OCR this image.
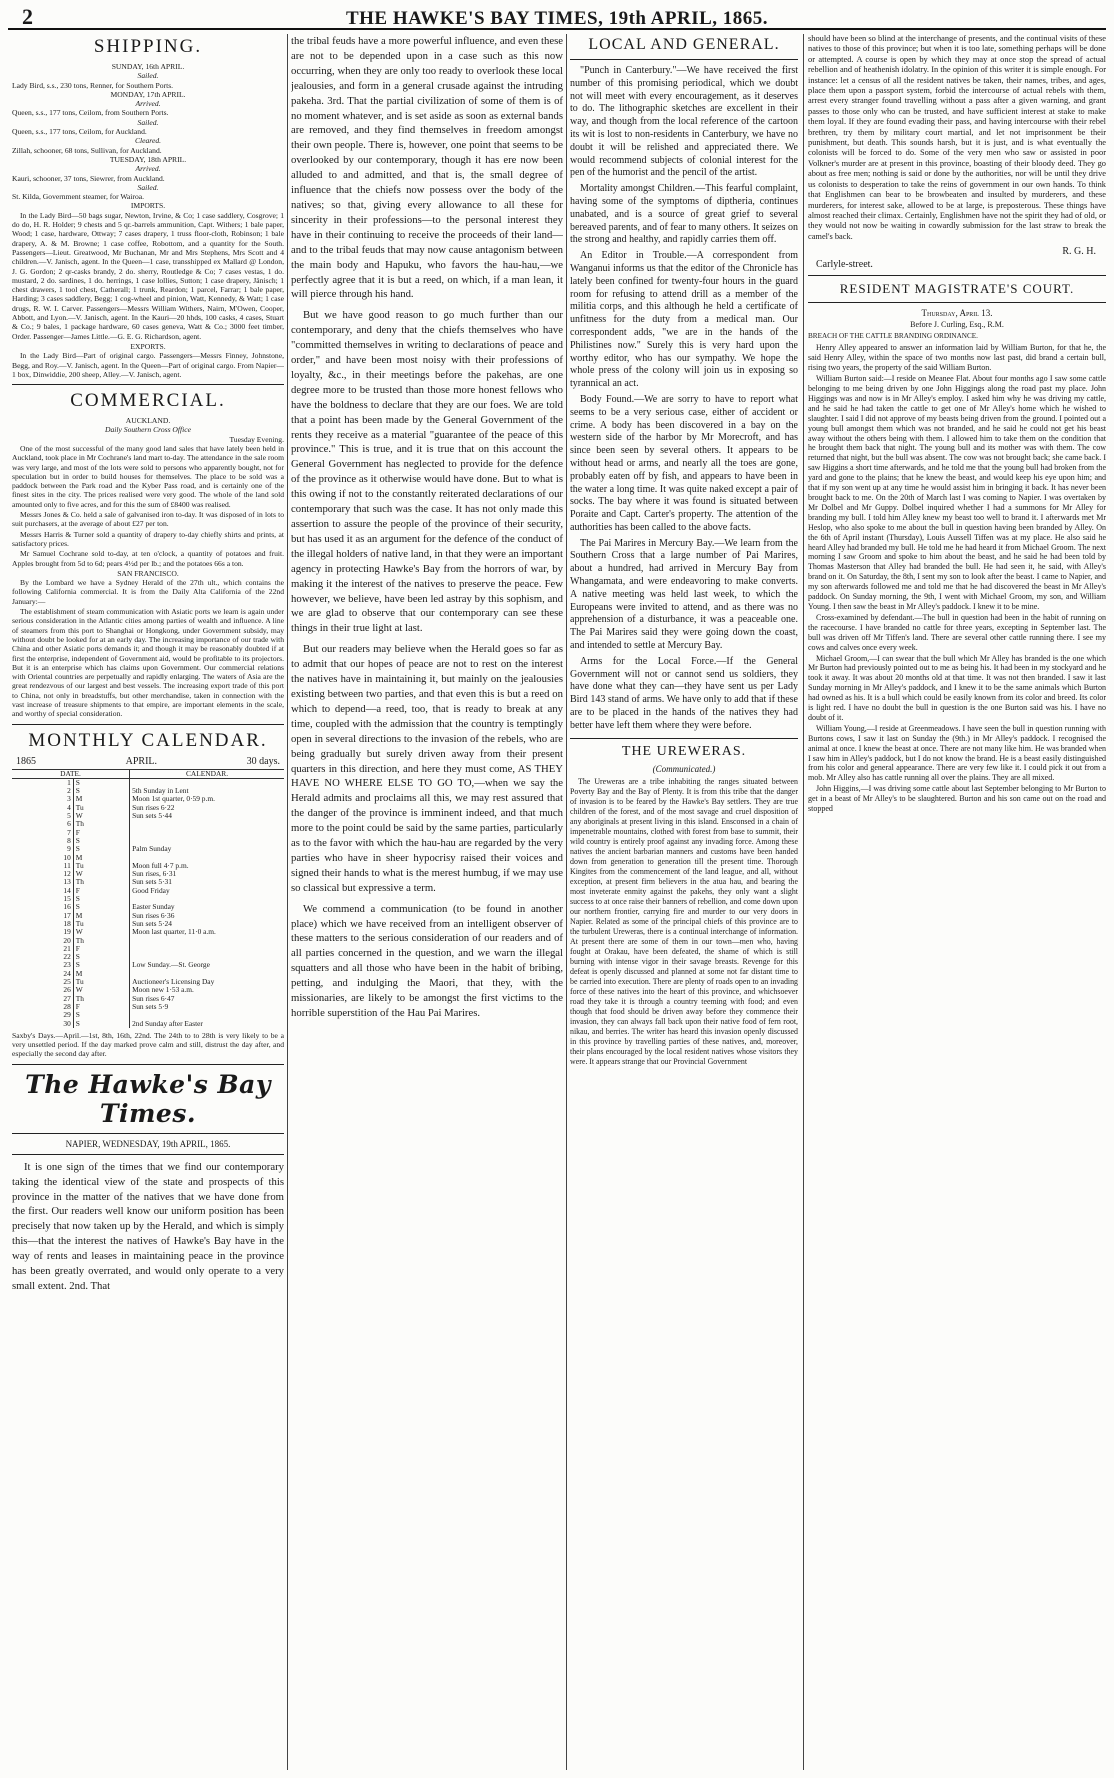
2	THE HAWKE'S BAY TIMES, 19th APRIL, 1865.
SHIPPING.
SUNDAY, 16th APRIL.
Sailed.
Lady Bird, s.s., 230 tons, Renner, for Southern Ports.
MONDAY, 17th APRIL.
Arrived.
Queen, s.s., 177 tons, Ceilom, from Southern Ports.
Sailed.
Queen, s.s., 177 tons, Ceilom, for Auckland.
Cleared.
Zillah, schooner, 68 tons, Sullivan, for Auckland.
TUESDAY, 18th APRIL.
Arrived.
Kauri, schooner, 37 tons, Siewrer, from Auckland.
Sailed.
St. Kilda, Government steamer, for Wairoa.
IMPORTS.

In the Lady Bird—50 bags sugar, Newton, Irvine, & Co; 1 case saddlery, Cosgrove; 1 do do, H. R. Holder; 9 chests and 5 qr.-barrels ammunition, Capt. Withers; 1 bale paper, Wood; 1 case, hardware, Ottway; 7 cases drapery, 1 truss floor-cloth, Robinson; 1 bale drapery, A. & M. Browne; 1 case coffee, Robottom, and a quantity for the South. Passengers—Lieut. Greatwood, Mr Buchanan, Mr and Mrs Stephens, Mrs Scott and 4 children.—V. Janisch, agent. In the Queen—1 case, transshipped ex Mallard @ London, J. G. Gordon; 2 qr-casks brandy, 2 do. sherry, Routledge & Co; 7 cases vestas, 1 do. mustard, 2 do. sardines, 1 do. herrings, 1 case lollies, Sutton; 1 case drapery, Jänisch; 1 chest drawers, 1 tool chest, Catherall; 1 trunk, Reardon; 1 parcel, Farrar; 1 bale paper, Harding; 3 cases saddlery, Begg; 1 cog-wheel and pinion, Watt, Kennedy, & Watt; 1 case drugs, R. W. I. Carver. Passengers—Messrs William Withers, Nairn, M'Owen, Cooper, Abbott, and Lyon.—V. Janisch, agent. In the Kauri—20 hhds, 100 casks, 4 cases, Stuart & Co.; 9 bales, 1 package hardware, 60 cases geneva, Watt & Co.; 3000 feet timber, Order. Passenger—James Little.—G. E. G. Richardson, agent.

EXPORTS.

In the Lady Bird—Part of original cargo. Passengers—Messrs Finney, Johnstone, Begg, and Roy.—V. Janisch, agent. In the Queen—Part of original cargo. From Napier—1 box, Dinwiddie, 200 sheep, Alley.—V. Janisch, agent.

COMMERCIAL.
AUCKLAND.
Daily Southern Cross Office
Tuesday Evening.

One of the most successful of the many good land sales that have lately been held in Auckland, took place in Mr Cochrane's land mart to-day. The attendance in the sale room was very large, and most of the lots were sold to persons who apparently bought, not for speculation but in order to build houses for themselves. The place to be sold was a paddock between the Park road and the Kyber Pass road, and is certainly one of the finest sites in the city. The prices realised were very good. The whole of the land sold amounted only to five acres, and for this the sum of £8400 was realised.

Messrs Jones & Co. held a sale of galvanised iron to-day. It was disposed of in lots to suit purchasers, at the average of about £27 per ton.

Messrs Harris & Turner sold a quantity of drapery to-day chiefly shirts and prints, at satisfactory prices.

Mr Samuel Cochrane sold to-day, at ten o'clock, a quantity of potatoes and fruit. Apples brought from 5d to 6d; pears 4½d per lb.; and the potatoes 66s a ton.

SAN FRANCISCO.

By the Lombard we have a Sydney Herald of the 27th ult., which contains the following California commercial. It is from the Daily Alta California of the 22nd January:—

The establishment of steam communication with Asiatic ports we learn is again under serious consideration in the Atlantic cities among parties of wealth and influence. A line of steamers from this port to Shanghai or Hongkong, under Government subsidy, may without doubt be looked for at an early day. The increasing importance of our trade with China and other Asiatic ports demands it; and though it may be reasonably doubted if at first the enterprise, independent of Government aid, would be profitable to its projectors. But it is an enterprise which has claims upon Government. Our commercial relations with Oriental countries are perpetually and rapidly enlarging. The waters of Asia are the great rendezvous of our largest and best vessels. The increasing export trade of this port to China, not only in breadstuffs, but other merchandise, taken in connection with the vast increase of treasure shipments to that empire, are important elements in the scale, and worthy of special consideration.

MONTHLY CALENDAR.
1865	APRIL.	30 days.
DATE.		CALENDAR.
1	S	
2	S	5th Sunday in Lent
3	M	Moon 1st quarter, 0·59 p.m.
4	Tu	Sun rises 6·22
5	W	Sun sets 5·44
6	Th	
7	F	
8	S	
9	S	Palm Sunday
10	M	
11	Tu	Moon full 4·7 p.m.
12	W	Sun rises, 6·31
13	Th	Sun sets 5·31
14	F	Good Friday
15	S	
16	S	Easter Sunday
17	M	Sun rises 6·36
18	Tu	Sun sets 5·24
19	W	Moon last quarter, 11·0 a.m.
20	Th	
21	F	
22	S	
23	S	Low Sunday.—St. George
24	M	
25	Tu	Auctioneer's Licensing Day
26	W	Moon new 1·53 a.m.
27	Th	Sun rises 6·47
28	F	Sun sets 5·9
29	S	
30	S	2nd Sunday after Easter
Saxby's Days.—April.—1st, 8th, 16th, 22nd. The 24th to to 28th is very likely to be a very unsettled period. If the day marked prove calm and still, distrust the day after, and especially the second day after.
The Hawke's Bay Times.
NAPIER, WEDNESDAY, 19th APRIL, 1865.

It is one sign of the times that we find our contemporary taking the identical view of the state and prospects of this province in the matter of the natives that we have done from the first. Our readers well know our uniform position has been precisely that now taken up by the Herald, and which is simply this—that the interest the natives of Hawke's Bay have in the way of rents and leases in maintaining peace in the province has been greatly overrated, and would only operate to a very small extent. 2nd. That

the tribal feuds have a more powerful influence, and even these are not to be depended upon in a case such as this now occurring, when they are only too ready to overlook these local jealousies, and form in a general crusade against the intruding pakeha. 3rd. That the partial civilization of some of them is of no moment whatever, and is set aside as soon as external bands are removed, and they find themselves in freedom amongst their own people. There is, however, one point that seems to be overlooked by our contemporary, though it has ere now been alluded to and admitted, and that is, the small degree of influence that the chiefs now possess over the body of the natives; so that, giving every allowance to all these for sincerity in their professions—to the personal interest they have in their continuing to receive the proceeds of their land—and to the tribal feuds that may now cause antagonism between the main body and Hapuku, who favors the hau-hau,—we perfectly agree that it is but a reed, on which, if a man lean, it will pierce through his hand.

But we have good reason to go much further than our contemporary, and deny that the chiefs themselves who have "committed themselves in writing to declarations of peace and order," and have been most noisy with their professions of loyalty, &c., in their meetings before the pakehas, are one degree more to be trusted than those more honest fellows who have the boldness to declare that they are our foes. We are told that a point has been made by the General Government of the rents they receive as a material "guarantee of the peace of this province." This is true, and it is true that on this account the General Government has neglected to provide for the defence of the province as it otherwise would have done. But to what is this owing if not to the constantly reiterated declarations of our contemporary that such was the case. It has not only made this assertion to assure the people of the province of their security, but has used it as an argument for the defence of the conduct of the illegal holders of native land, in that they were an important agency in protecting Hawke's Bay from the horrors of war, by making it the interest of the natives to preserve the peace. Few however, we believe, have been led astray by this sophism, and we are glad to observe that our contemporary can see these things in their true light at last.

But our readers may believe when the Herald goes so far as to admit that our hopes of peace are not to rest on the interest the natives have in maintaining it, but mainly on the jealousies existing between two parties, and that even this is but a reed on which to depend—a reed, too, that is ready to break at any time, coupled with the admission that the country is temptingly open in several directions to the invasion of the rebels, who are being gradually but surely driven away from their present quarters in this direction, and here they must come, AS THEY HAVE NO WHERE ELSE TO GO TO,—when we say the Herald admits and proclaims all this, we may rest assured that the danger of the province is imminent indeed, and that much more to the point could be said by the same parties, particularly as to the favor with which the hau-hau are regarded by the very parties who have in sheer hypocrisy raised their voices and signed their hands to what is the merest humbug, if we may use so classical but expressive a term.

We commend a communication (to be found in another place) which we have received from an intelligent observer of these matters to the serious consideration of our readers and of all parties concerned in the question, and we warn the illegal squatters and all those who have been in the habit of bribing, petting, and indulging the Maori, that they, with the missionaries, are likely to be amongst the first victims to the horrible superstition of the Hau Pai Marires.

LOCAL AND GENERAL.

"Punch in Canterbury."—We have received the first number of this promising periodical, which we doubt not will meet with every encouragement, as it deserves to do. The lithographic sketches are excellent in their way, and though from the local reference of the cartoon its wit is lost to non-residents in Canterbury, we have no doubt it will be relished and appreciated there. We would recommend subjects of colonial interest for the pen of the humorist and the pencil of the artist.

Mortality amongst Children.—This fearful complaint, having some of the symptoms of diptheria, continues unabated, and is a source of great grief to several bereaved parents, and of fear to many others. It seizes on the strong and healthy, and rapidly carries them off.

An Editor in Trouble.—A correspondent from Wanganui informs us that the editor of the Chronicle has lately been confined for twenty-four hours in the guard room for refusing to attend drill as a member of the militia corps, and this although he held a certificate of unfitness for the duty from a medical man. Our correspondent adds, "we are in the hands of the Philistines now." Surely this is very hard upon the worthy editor, who has our sympathy. We hope the whole press of the colony will join us in exposing so tyrannical an act.

Body Found.—We are sorry to have to report what seems to be a very serious case, either of accident or crime. A body has been discovered in a bay on the western side of the harbor by Mr Morecroft, and has since been seen by several others. It appears to be without head or arms, and nearly all the toes are gone, probably eaten off by fish, and appears to have been in the water a long time. It was quite naked except a pair of socks. The bay where it was found is situated between Poraite and Capt. Carter's property. The attention of the authorities has been called to the above facts.

The Pai Marires in Mercury Bay.—We learn from the Southern Cross that a large number of Pai Marires, about a hundred, had arrived in Mercury Bay from Whangamata, and were endeavoring to make converts. A native meeting was held last week, to which the Europeans were invited to attend, and as there was no apprehension of a disturbance, it was a peaceable one. The Pai Marires said they were going down the coast, and intended to settle at Mercury Bay.

Arms for the Local Force.—If the General Government will not or cannot send us soldiers, they have done what they can—they have sent us per Lady Bird 143 stand of arms. We have only to add that if these are to be placed in the hands of the natives they had better have left them where they were before.

THE UREWERAS.
(Communicated.)

The Ureweras are a tribe inhabiting the ranges situated between Poverty Bay and the Bay of Plenty. It is from this tribe that the danger of invasion is to be feared by the Hawke's Bay settlers. They are true children of the forest, and of the most savage and cruel disposition of any aboriginals at present living in this island. Ensconsed in a chain of impenetrable mountains, clothed with forest from base to summit, their wild country is entirely proof against any invading force. Among these natives the ancient barbarian manners and customs have been handed down from generation to generation till the present time. Thorough Kingites from the commencement of the land league, and all, without exception, at present firm believers in the atua hau, and bearing the most inveterate enmity against the pakehs, they only want a slight success to at once raise their banners of rebellion, and come down upon our northern frontier, carrying fire and murder to our very doors in Napier. Related as some of the principal chiefs of this province are to the turbulent Ureweras, there is a continual interchange of information. At present there are some of them in our town—men who, having fought at Orakau, have been defeated, the shame of which is still burning with intense vigor in their savage breasts. Revenge for this defeat is openly discussed and planned at some not far distant time to be carried into execution. There are plenty of roads open to an invading force of these natives into the heart of this province, and whichsoever road they take it is through a country teeming with food; and even though that food should be driven away before they commence their invasion, they can always fall back upon their native food of fern root, nikau, and berries. The writer has heard this invasion openly discussed in this province by travelling parties of these natives, and, moreover, their plans encouraged by the local resident natives whose visitors they were. It appears strange that our Provincial Government

should have been so blind at the interchange of presents, and the continual visits of these natives to those of this province; but when it is too late, something perhaps will be done or attempted. A course is open by which they may at once stop the spread of actual rebellion and of heathenish idolatry. In the opinion of this writer it is simple enough. For instance: let a census of all the resident natives be taken, their names, tribes, and ages, place them upon a passport system, forbid the intercourse of actual rebels with them, arrest every stranger found travelling without a pass after a given warning, and grant passes to those only who can be trusted, and have sufficient interest at stake to make them loyal. If they are found evading their pass, and having intercourse with their rebel brethren, try them by military court martial, and let not imprisonment be their punishment, but death. This sounds harsh, but it is just, and is what eventually the colonists will be forced to do. Some of the very men who saw or assisted in poor Volkner's murder are at present in this province, boasting of their bloody deed. They go about as free men; nothing is said or done by the authorities, nor will be until they drive us colonists to desperation to take the reins of government in our own hands. To think that Englishmen can bear to be browbeaten and insulted by murderers, and these murderers, for interest sake, allowed to be at large, is preposterous. These things have almost reached their climax. Certainly, Englishmen have not the spirit they had of old, or they would not now be waiting in cowardly submission for the last straw to break the camel's back.

R. G. H.
Carlyle-street.
RESIDENT MAGISTRATE'S COURT.
Thursday, April 13.
Before J. Curling, Esq., R.M.
BREACH OF THE CATTLE BRANDING ORDINANCE.

Henry Alley appeared to answer an information laid by William Burton, for that he, the said Henry Alley, within the space of two months now last past, did brand a certain bull, rising two years, the property of the said William Burton.

William Burton said:—I reside on Meanee Flat. About four months ago I saw some cattle belonging to me being driven by one John Higgings along the road past my place. John Higgings was and now is in Mr Alley's employ. I asked him why he was driving my cattle, and he said he had taken the cattle to get one of Mr Alley's home which he wished to slaughter. I said I did not approve of my beasts being driven from the ground. I pointed out a young bull amongst them which was not branded, and he said he could not get his beast away without the others being with them. I allowed him to take them on the condition that he brought them back that night. The young bull and its mother was with them. The cow returned that night, but the bull was absent. The cow was not brought back; she came back. I saw Higgins a short time afterwards, and he told me that the young bull had broken from the yard and gone to the plains; that he knew the beast, and would keep his eye upon him; and that if my son went up at any time he would assist him in bringing it back. It has never been brought back to me. On the 20th of March last I was coming to Napier. I was overtaken by Mr Dolbel and Mr Guppy. Dolbel inquired whether I had a summons for Mr Alley for branding my bull. I told him Alley knew my beast too well to brand it. I afterwards met Mr Heslop, who also spoke to me about the bull in question having been branded by Alley. On the 6th of April instant (Thursday), Louis Aussell Tiffen was at my place. He also said he heard Alley had branded my bull. He told me he had heard it from Michael Groom. The next morning I saw Groom and spoke to him about the beast, and he said he had been told by Thomas Masterson that Alley had branded the bull. He had seen it, he said, with Alley's brand on it. On Saturday, the 8th, I sent my son to look after the beast. I came to Napier, and my son afterwards followed me and told me that he had discovered the beast in Mr Alley's paddock. On Sunday morning, the 9th, I went with Michael Groom, my son, and William Young. I then saw the beast in Mr Alley's paddock. I knew it to be mine.

Cross-examined by defendant.—The bull in question had been in the habit of running on the racecourse. I have branded no cattle for three years, excepting in September last. The bull was driven off Mr Tiffen's land. There are several other cattle running there. I see my cows and calves once every week.

Michael Groom,—I can swear that the bull which Mr Alley has branded is the one which Mr Burton had previously pointed out to me as being his. It had been in my stockyard and he took it away. It was about 20 months old at that time. It was not then branded. I saw it last Sunday morning in Mr Alley's paddock, and I knew it to be the same animals which Burton had owned as his. It is a bull which could be easily known from its color and breed. Its color is light red. I have no doubt the bull in question is the one Burton said was his. I have no doubt of it.

William Young,—I reside at Greenmeadows. I have seen the bull in question running with Burtons cows, I saw it last on Sunday the (9th.) in Mr Alley's paddock. I recognised the animal at once. I knew the beast at once. There are not many like him. He was branded when I saw him in Alley's paddock, but I do not know the brand. He is a beast easily distinguished from his color and general appearance. There are very few like it. I could pick it out from a mob. Mr Alley also has cattle running all over the plains. They are all mixed.

John Higgins,—I was driving some cattle about last September belonging to Mr Burton to get in a beast of Mr Alley's to be slaughtered. Burton and his son came out on the road and stopped
